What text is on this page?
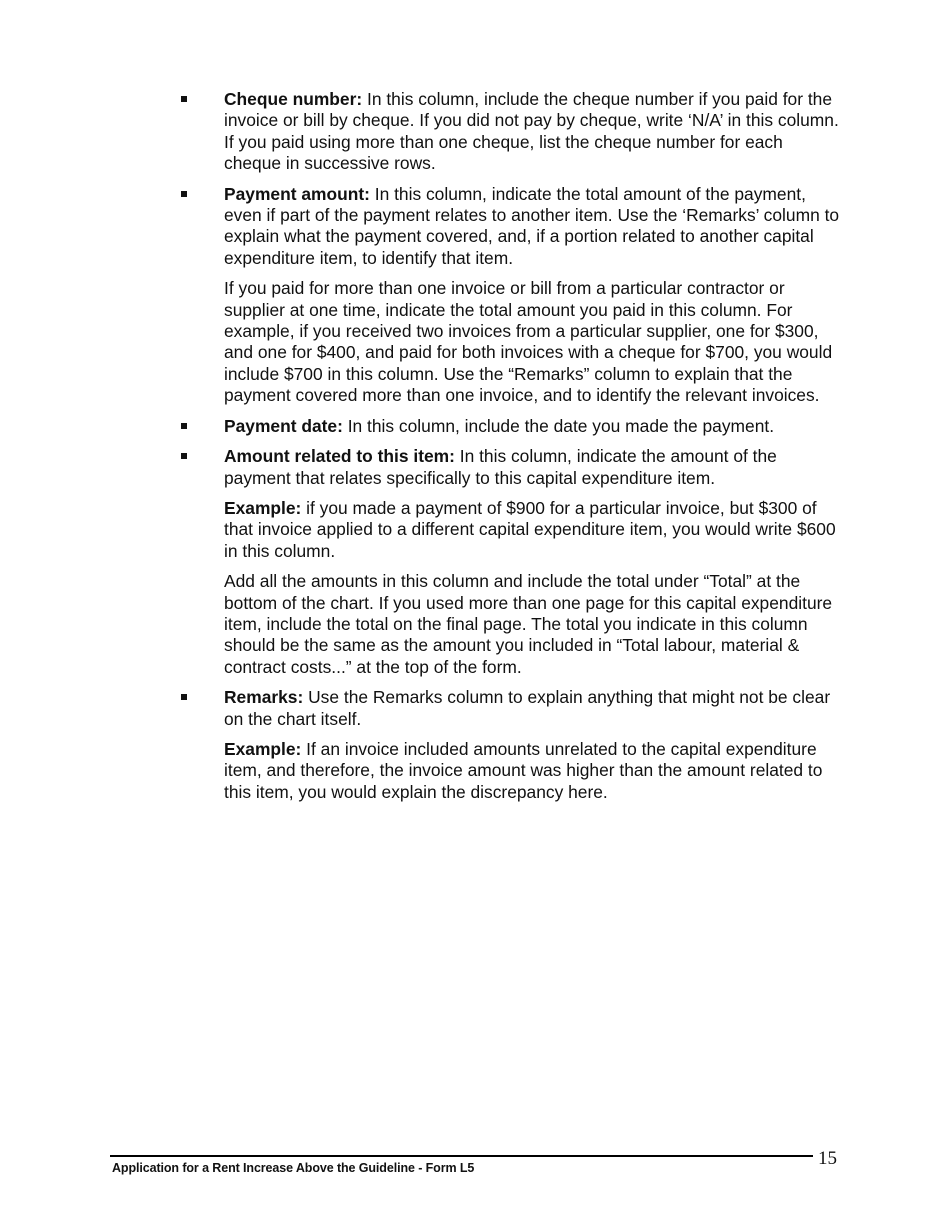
Cheque number: In this column, include the cheque number if you paid for the invoice or bill by cheque. If you did not pay by cheque, write ‘N/A’ in this column. If you paid using more than one cheque, list the cheque number for each cheque in successive rows.

Payment amount: In this column, indicate the total amount of the payment, even if part of the payment relates to another item. Use the ‘Remarks’ column to explain what the payment covered, and, if a portion related to another capital expenditure item, to identify that item.

If you paid for more than one invoice or bill from a particular contractor or supplier at one time, indicate the total amount you paid in this column. For example, if you received two invoices from a particular supplier, one for $300, and one for $400, and paid for both invoices with a cheque for $700, you would include $700 in this column. Use the “Remarks” column to explain that the payment covered more than one invoice, and to identify the relevant invoices.

Payment date: In this column, include the date you made the payment.

Amount related to this item: In this column, indicate the amount of the payment that relates specifically to this capital expenditure item.

Example: if you made a payment of $900 for a particular invoice, but $300 of that invoice applied to a different capital expenditure item, you would write $600 in this column.

Add all the amounts in this column and include the total under “Total” at the bottom of the chart. If you used more than one page for this capital expenditure item, include the total on the final page. The total you indicate in this column should be the same as the amount you included in “Total labour, material & contract costs...” at the top of the form.

Remarks: Use the Remarks column to explain anything that might not be clear on the chart itself.

Example: If an invoice included amounts unrelated to the capital expenditure item, and therefore, the invoice amount was higher than the amount related to this item, you would explain the discrepancy here.

15
Application for a Rent Increase Above the Guideline - Form L5
